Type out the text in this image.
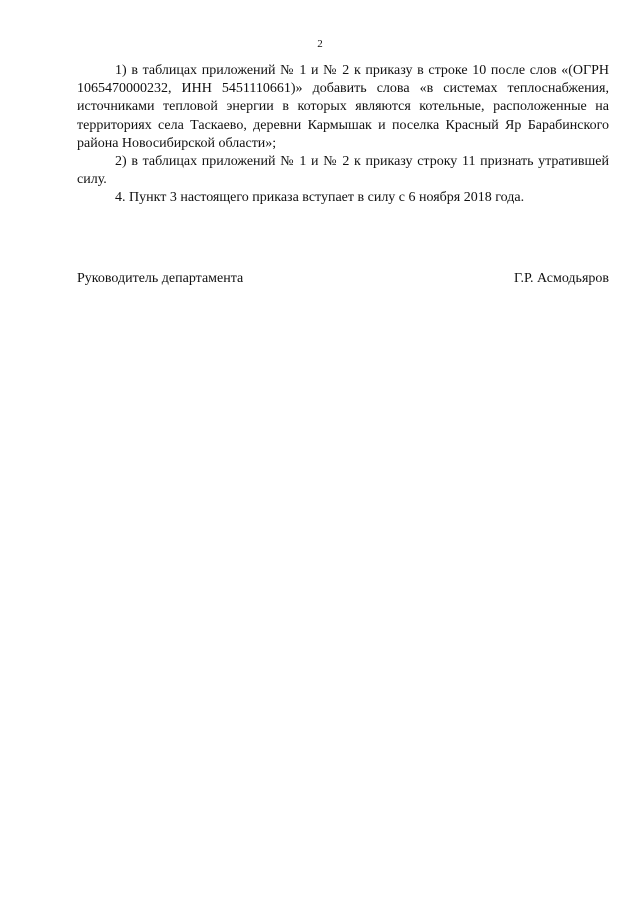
2

1) в таблицах приложений № 1 и № 2 к приказу в строке 10 после слов «(ОГРН 1065470000232, ИНН 5451110661)» добавить слова «в системах теплоснабжения, источниками тепловой энергии в которых являются котельные, расположенные на территориях села Таскаево, деревни Кармышак и поселка Красный Яр Барабинского района Новосибирской области»;

2) в таблицах приложений № 1 и № 2 к приказу строку 11 признать утратившей силу.

4. Пункт 3 настоящего приказа вступает в силу с 6 ноября 2018 года.

Руководитель департамента	Г.Р. Асмодьяров
